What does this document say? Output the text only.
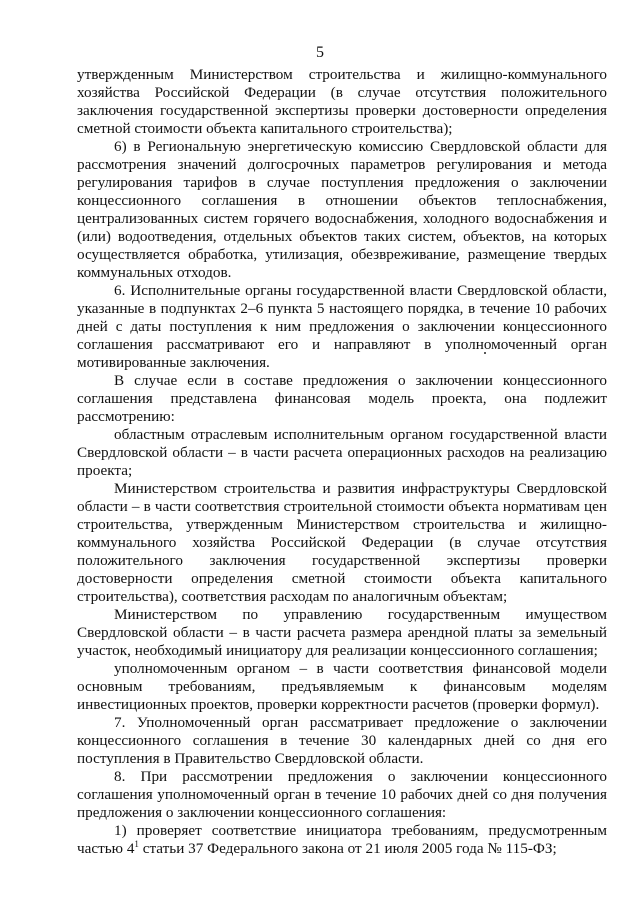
5

утвержденным Министерством строительства и жилищно-коммунального хозяйства Российской Федерации (в случае отсутствия положительного заключения государственной экспертизы проверки достоверности определения сметной стоимости объекта капитального строительства);

6) в Региональную энергетическую комиссию Свердловской области для рассмотрения значений долгосрочных параметров регулирования и метода регулирования тарифов в случае поступления предложения о заключении концессионного соглашения в отношении объектов теплоснабжения, централизованных систем горячего водоснабжения, холодного водоснабжения и (или) водоотведения, отдельных объектов таких систем, объектов, на которых осуществляется обработка, утилизация, обезвреживание, размещение твердых коммунальных отходов.

6. Исполнительные органы государственной власти Свердловской области, указанные в подпунктах 2–6 пункта 5 настоящего порядка, в течение 10 рабочих дней с даты поступления к ним предложения о заключении концессионного соглашения рассматривают его и направляют в уполномоченный орган мотивированные заключения.

В случае если в составе предложения о заключении концессионного соглашения представлена финансовая модель проекта, она подлежит рассмотрению:

областным отраслевым исполнительным органом государственной власти Свердловской области – в части расчета операционных расходов на реализацию проекта;

Министерством строительства и развития инфраструктуры Свердловской области – в части соответствия строительной стоимости объекта нормативам цен строительства, утвержденным Министерством строительства и жилищно-коммунального хозяйства Российской Федерации (в случае отсутствия положительного заключения государственной экспертизы проверки достоверности определения сметной стоимости объекта капитального строительства), соответствия расходам по аналогичным объектам;

Министерством по управлению государственным имуществом Свердловской области – в части расчета размера арендной платы за земельный участок, необходимый инициатору для реализации концессионного соглашения;

уполномоченным органом – в части соответствия финансовой модели основным требованиям, предъявляемым к финансовым моделям инвестиционных проектов, проверки корректности расчетов (проверки формул).

7. Уполномоченный орган рассматривает предложение о заключении концессионного соглашения в течение 30 календарных дней со дня его поступления в Правительство Свердловской области.

8. При рассмотрении предложения о заключении концессионного соглашения уполномоченный орган в течение 10 рабочих дней со дня получения предложения о заключении концессионного соглашения:

1) проверяет соответствие инициатора требованиям, предусмотренным частью $4^1$ статьи 37 Федерального закона от 21 июля 2005 года № 115-ФЗ;
